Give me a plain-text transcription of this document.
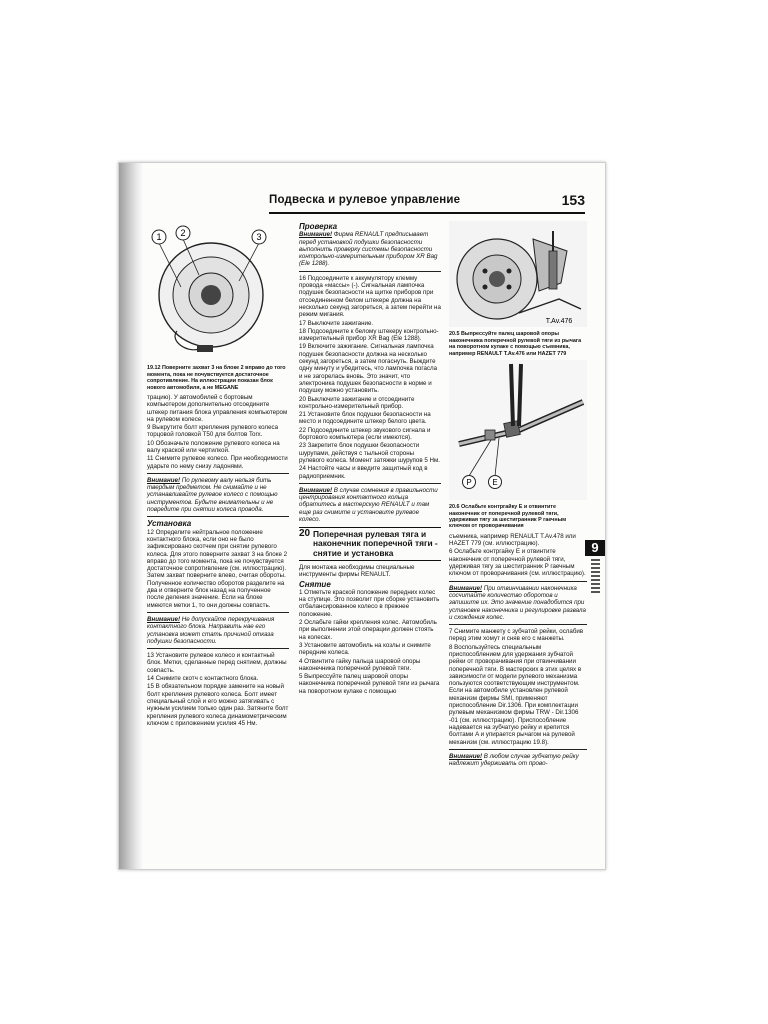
Подвеска и рулевое управление	153
1 2	3

19.12 Поверните захват 3 на блоке 2 вправо до того момента, пока не почувствуется достаточное сопротивление. На иллюстрации показан блок нового автомобиля, а не MEGANE

трацию). У автомобилей с бортовым компьютером дополнительно отсоедините штекер питания блока управления компьютером на рулевом колесе.

9 Выкрутите болт крепления рулевого колеса торцовой головкой T50 для болтов Torx.

10 Обозначьте положение рулевого колеса на валу краской или чертилкой.

11 Снимите рулевое колесо. При необходимости ударьте по нему снизу ладонями.

Внимание! По рулевому валу нельзя бить твердым предметом. Не снимайте и не устанавливайте рулевое колесо с помощью инструментов. Будьте внимательны и не повредите при снятии колеса провода.

Установка

12 Определите нейтральное положение контактного блока, если оно не было зафиксировано скотчем при снятии рулевого колеса. Для этого поверните захват 3 на блоке 2 вправо до того момента, пока не почувствуется достаточное сопротивление (см. иллюстрацию). Затем захват поверните влево, считая обороты. Полученное количество оборотов разделите на два и отверните блок назад на полученное после деления значение. Если на блоке имеются метки 1, то они должны совпасть.

Внимание! Не допускайте перекручивания контактного блока. Направить нае его установка может стать причиной отказа подушки безопасности.

13 Установите рулевое колесо и контактный блок. Метки, сделанные перед снятием, должны совпасть.

14 Снимите скотч с контактного блока.

15 В обязательном порядке замените на новый болт крепления рулевого колеса. Болт имеет специальный слой и его можно затягивать с нужным усилием только один раз. Затяните болт крепления рулевого колеса динамометрическим ключом с приложением усилия 45 Нм.

Проверка

Внимание! Фирма RENAULT предписывает перед установкой подушки безопасности выполнить проверку системы безопасности контрольно-измерительным прибором XR Bag (Ele 1288).

16 Подсоедините к аккумулятору клемму провода «массы» (-). Сигнальная лампочка подушек безопасности на щитке приборов при отсоединенном белом штекере должна на несколько секунд загореться, а затем перейти на режим мигания.

17 Выключите зажигание.

18 Подсоедините к белому штекеру контрольно-измерительный прибор XR Bag (Ele 1288).

19 Включите зажигание. Сигнальная лампочка подушек безопасности должна на несколько секунд загореться, а затем погаснуть. Выждите одну минуту и убедитесь, что лампочка погасла и не загорелась вновь. Это значит, что электроника подушек безопасности в норме и подушку можно установить.

20 Выключите зажигание и отсоедините контрольно-измерительный прибор.

21 Установите блок подушки безопасности на место и подсоедините штекер белого цвета.

22 Подсоедините штекер звукового сигнала и бортового компьютера (если имеются).

23 Закрепите блок подушки безопасности шурупами, действуя с тыльной стороны рулевого колеса. Момент затяжки шурупов 5 Нм.

24 Настойте часы и введите защитный код в радиоприемник.

Внимание! В случае сомнения в правильности центрирования контактного кольца обратитесь в мастерскую RENAULT и там еще раз снимите и установите рулевое колесо.

20 Поперечная рулевая тяга и наконечник поперечной тяги - снятие и установка

Для монтажа необходимы специальные инструменты фирмы RENAULT.

Снятие

1 Отметьте краской положение передних колес на ступице. Это позволит при сборке установить отбалансированное колесо в прежнее положение.

2 Ослабьте гайки крепления колес. Автомобиль при выполнении этой операции должен стоять на колесах.

3 Установите автомобиль на козлы и снимите передние колеса.

4 Отвинтите гайку пальца шаровой опоры наконечника поперечной рулевой тяги.

5 Выпрессуйте палец шаровой опоры наконечника поперечной рулевой тяги из рычага на поворотном кулаке с помощью

T.Av.476

20.5 Выпрессуйте палец шаровой опоры наконечника поперечной рулевой тяги из рычага на поворотном кулаке с помощью съемника, например RENAULT T.Av.476 или HAZET 779

P	E

20.6 Ослабьте контргайку E и отвинтите наконечник от поперечной рулевой тяги, удерживая тягу за шестигранник P гаечным ключом от проворачивания

съемника, например RENAULT T.Av.478 или HAZET 779 (см. иллюстрацию).

6 Ослабьте контргайку E и отвинтите наконечник от поперечной рулевой тяги, удерживая тягу за шестигранник P гаечным ключом от проворачивания (см. иллюстрацию).

Внимание! При отвинчивании наконечника сосчитайте количество оборотов и запишите их. Это значение понадобится при установке наконечника и регулировке развала и схождения колес.

7 Снимите манжету с зубчатой рейки, ослабив перед этим хомут и сняв его с манжеты.

8 Воспользуйтесь специальным приспособлением для удержания зубчатой рейки от проворачивания при отвинчивании поперечной тяги. В мастерских в этих целях в зависимости от модели рулевого механизма пользуются соответствующим инструментом. Если на автомобиле установлен рулевой механизм фирмы SMI, применяют приспособление Dir.1306. При комплектации рулевым механизмом фирмы TRW - Dir.1306 -01 (см. иллюстрацию). Приспособление надевается на зубчатую рейку и крепится болтами A и упирается рычагом на рулевой механизм (см. иллюстрацию 19.8).

Внимание! В любом случае зубчатую рейку надлежит удерживать от прово-

9
